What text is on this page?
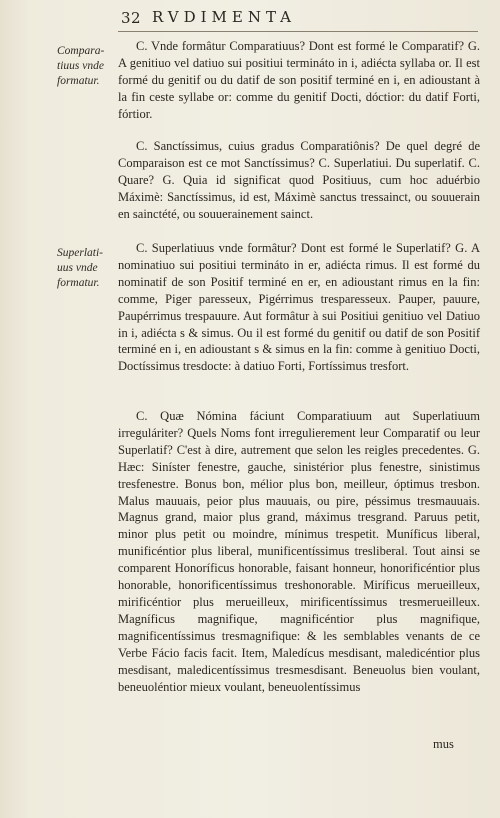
32 RVDIMENTA
Compara-
tiuus vnde
formatur.
Superlati-
uus vnde
formatur.

C. Vnde formâtur Comparatiuus? Dont est formé le Comparatif? G. A genitiuo vel datiuo sui positiui termináto in i, adiécta syllaba or. Il est formé du genitif ou du datif de son positif terminé en i, en adioustant à la fin ceste syllabe or: comme du genitif Docti, dóctior: du datif Forti, fórtior.

C. Sanctíssimus, cuius gradus Comparatiônis? De quel degré de Comparaison est ce mot Sanctíssimus? C. Superlatiui. Du superlatif. C. Quare? G. Quia id significat quod Positiuus, cum hoc aduérbio Máximè: Sanctíssimus, id est, Máximè sanctus tressainct, ou souuerain en sainctété, ou souuerainement sainct.

C. Superlatiuus vnde formâtur? Dont est formé le Superlatif? G. A nominatiuo sui positiui termináto in er, adiécta rimus. Il est formé du nominatif de son Positif terminé en er, en adioustant rimus en la fin: comme, Piger paresseux, Pigérrimus tresparesseux. Pauper, pauure, Paupérrimus trespauure. Aut formâtur à sui Positiui genitiuo vel Datiuo in i, adiécta s & simus. Ou il est formé du genitif ou datif de son Positif terminé en i, en adioustant s & simus en la fin: comme à genitiuo Docti, Doctíssimus tresdocte: à datiuo Forti, Fortíssimus tresfort.

C. Quæ Nómina fáciunt Comparatiuum aut Superlatiuum irreguláriter? Quels Noms font irregulierement leur Comparatif ou leur Superlatif? C'est à dire, autrement que selon les reigles precedentes. G. Hæc: Siníster fenestre, gauche, sinistérior plus fenestre, sinistimus tresfenestre. Bonus bon, mélior plus bon, meilleur, óptimus tresbon. Malus mauuais, peior plus mauuais, ou pire, péssimus tresmauuais. Magnus grand, maior plus grand, máximus tresgrand. Paruus petit, minor plus petit ou moindre, mínimus trespetit. Muníficus liberal, munificéntior plus liberal, munificentíssimus tresliberal. Tout ainsi se comparent Honoríficus honorable, faisant honneur, honorificéntior plus honorable, honorificentíssimus treshonorable. Miríficus merueilleux, mirificéntior plus merueilleux, mirificentíssimus tresmerueilleux. Magníficus magnifique, magnificéntior plus magnifique, magnificentíssimus tresmagnifique: & les semblables venants de ce Verbe Fácio facis facit. Item, Maledícus mesdisant, maledicéntior plus mesdisant, maledicentíssimus tresmesdisant. Beneuolus bien voulant, beneuoléntior mieux voulant, beneuolentíssimus

mus
